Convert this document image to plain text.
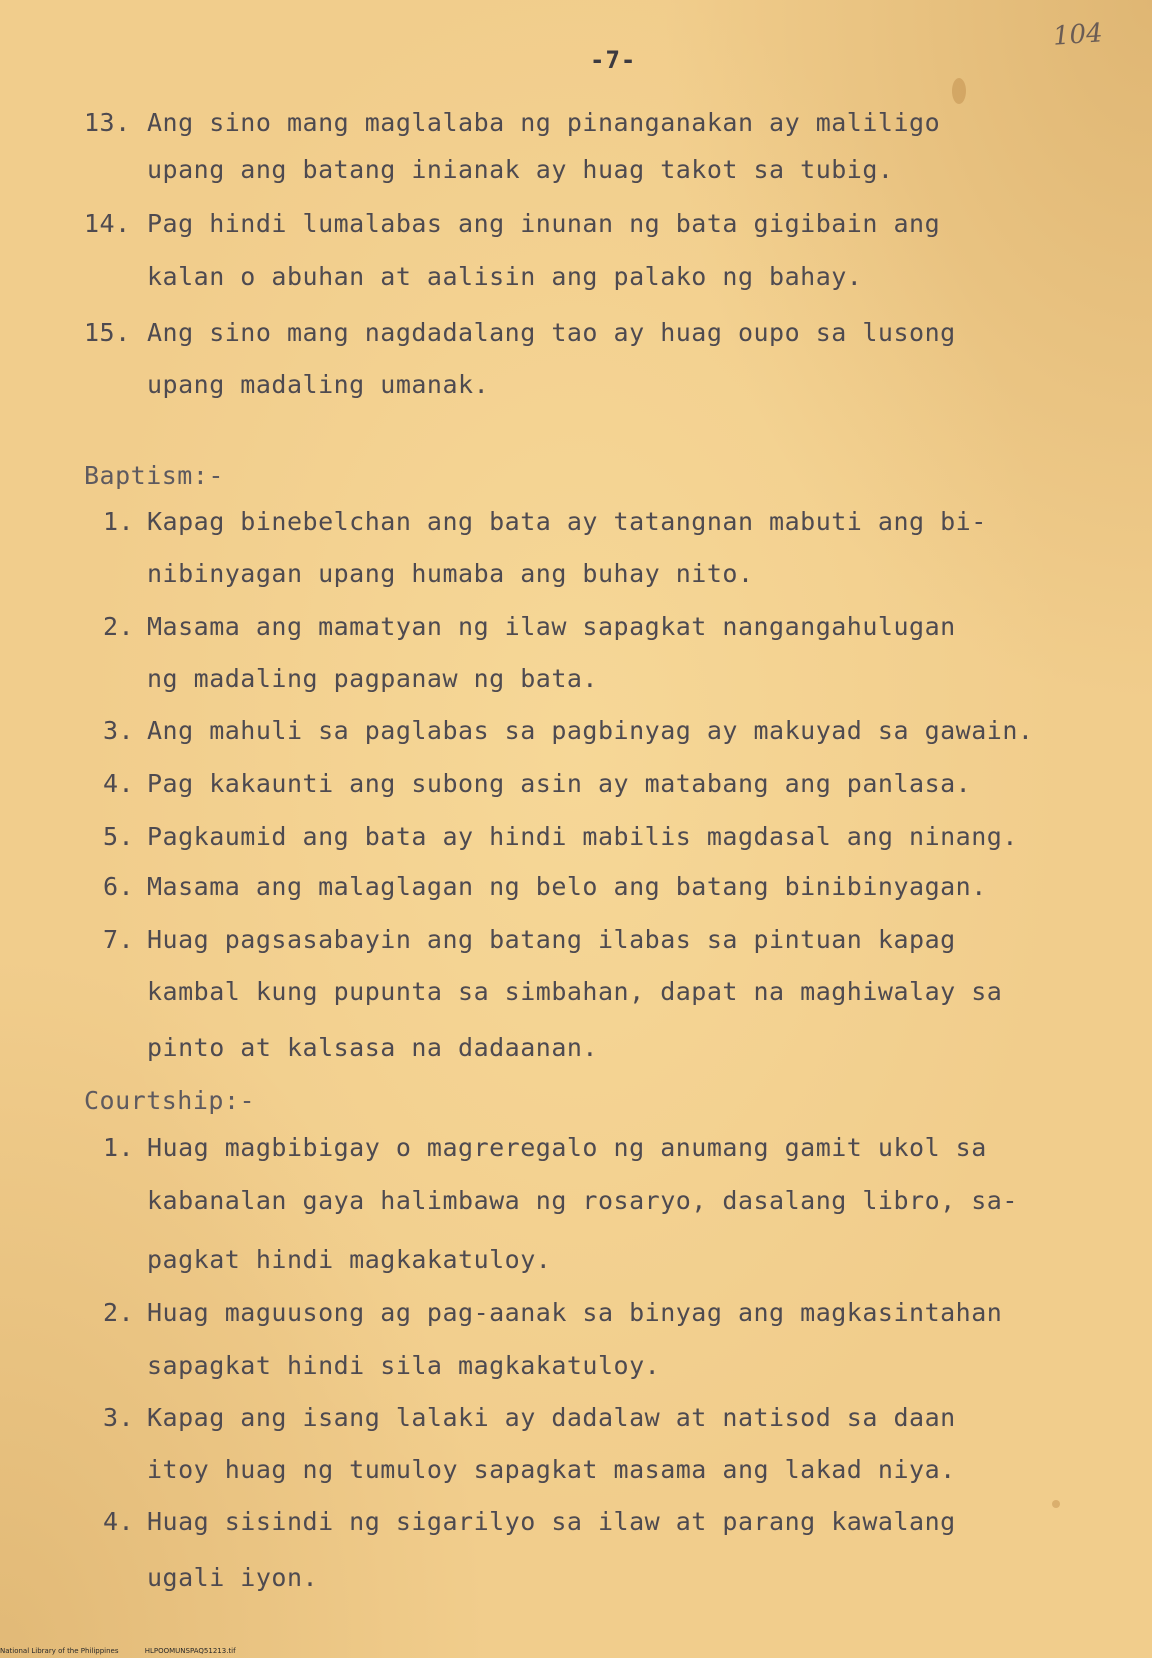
104
-7-
13. Ang sino mang maglalaba ng pinanganakan ay maliligo
upang ang batang inianak ay huag takot sa tubig.
14. Pag hindi lumalabas ang inunan ng bata gigibain ang
kalan o abuhan at aalisin ang palako ng bahay.
15. Ang sino mang nagdadalang tao ay huag oupo sa lusong
upang madaling umanak.
Baptism:-
1. Kapag binebelchan ang bata ay tatangnan mabuti ang bi-
nibinyagan upang humaba ang buhay nito.
2. Masama ang mamatyan ng ilaw sapagkat nangangahulugan
ng madaling pagpanaw ng bata.
3. Ang mahuli sa paglabas sa pagbinyag ay makuyad sa gawain.
4. Pag kakaunti ang subong asin ay matabang ang panlasa.
5. Pagkaumid ang bata ay hindi mabilis magdasal ang ninang.
6. Masama ang malaglagan ng belo ang batang binibinyagan.
7. Huag pagsasabayin ang batang ilabas sa pintuan kapag
kambal kung pupunta sa simbahan, dapat na maghiwalay sa
pinto at kalsasa na dadaanan.
Courtship:-
1. Huag magbibigay o magreregalo ng anumang gamit ukol sa
kabanalan gaya halimbawa ng rosaryo, dasalang libro, sa-
pagkat hindi magkakatuloy.
2. Huag maguusong ag pag-aanak sa binyag ang magkasintahan
sapagkat hindi sila magkakatuloy.
3. Kapag ang isang lalaki ay dadalaw at natisod sa daan
itoy huag ng tumuloy sapagkat masama ang lakad niya.
4. Huag sisindi ng sigarilyo sa ilaw at parang kawalang
ugali iyon.
National Library of the Philippines	HLPOOMUNSPAQ51213.tif
